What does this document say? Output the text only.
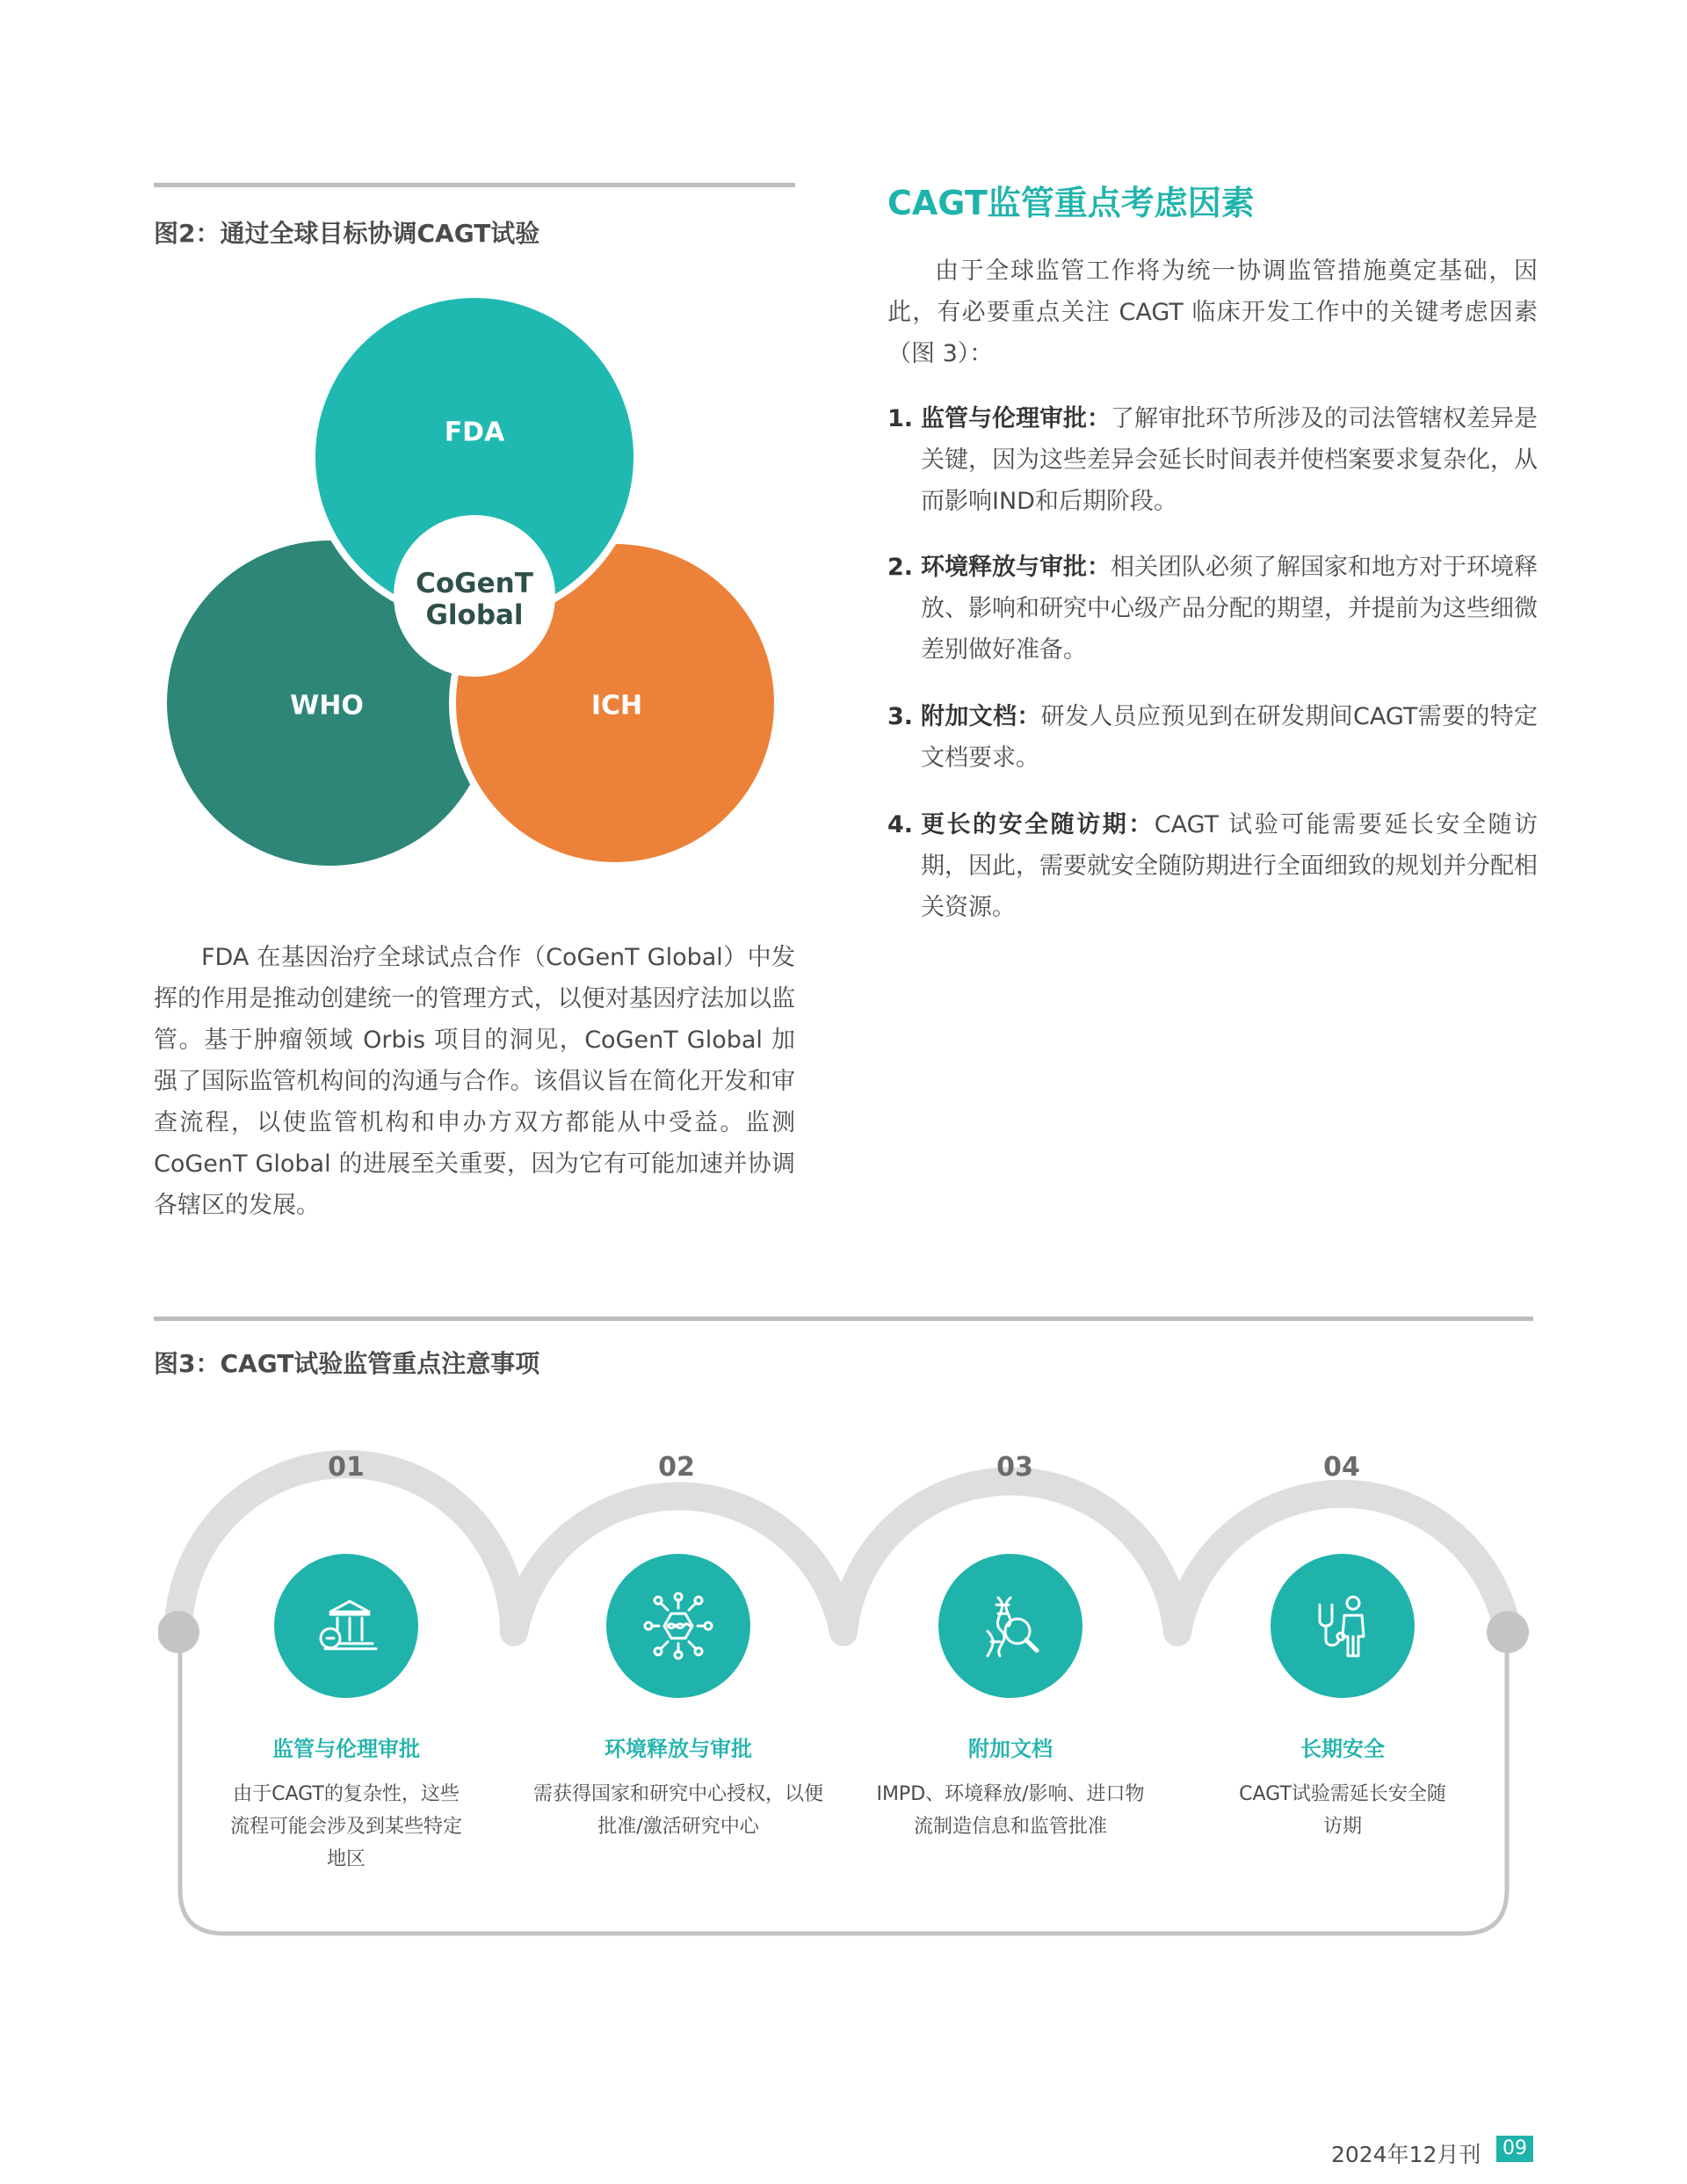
图2：通过全球目标协调CAGT试验
FDA
WHO	ICH
CoGenT
Global
FDA 在基因治疗全球试点合作（CoGenT Global）中发挥的作用是推动创建统一的管理方式，以便对基因疗法加以监管。基于肿瘤领域 Orbis 项目的洞见，CoGenT Global 加强了国际监管机构间的沟通与合作。该倡议旨在简化开发和审查流程，以使监管机构和申办方双方都能从中受益。监测 CoGenT Global 的进展至关重要，因为它有可能加速并协调各辖区的发展。
CAGT监管重点考虑因素
由于全球监管工作将为统一协调监管措施奠定基础，因此，有必要重点关注 CAGT 临床开发工作中的关键考虑因素（图 3）：
1. 监管与伦理审批：了解审批环节所涉及的司法管辖权差异是关键，因为这些差异会延长时间表并使档案要求复杂化，从而影响IND和后期阶段。
2. 环境释放与审批：相关团队必须了解国家和地方对于环境释放、影响和研究中心级产品分配的期望，并提前为这些细微差别做好准备。
3. 附加文档：研发人员应预见到在研发期间CAGT需要的特定文档要求。
4. 更长的安全随访期：CAGT 试验可能需要延长安全随访期，因此，需要就安全随防期进行全面细致的规划并分配相关资源。
图3：CAGT试验监管重点注意事项
01
监管与伦理审批
由于CAGT的复杂性，这些流程可能会涉及到某些特定地区
02
环境释放与审批
需获得国家和研究中心授权，以便批准/激活研究中心
03
附加文档
IMPD、环境释放/影响、进口物流制造信息和监管批准
04
长期安全
CAGT试验需延长安全随访期
2024年12月刊	09
